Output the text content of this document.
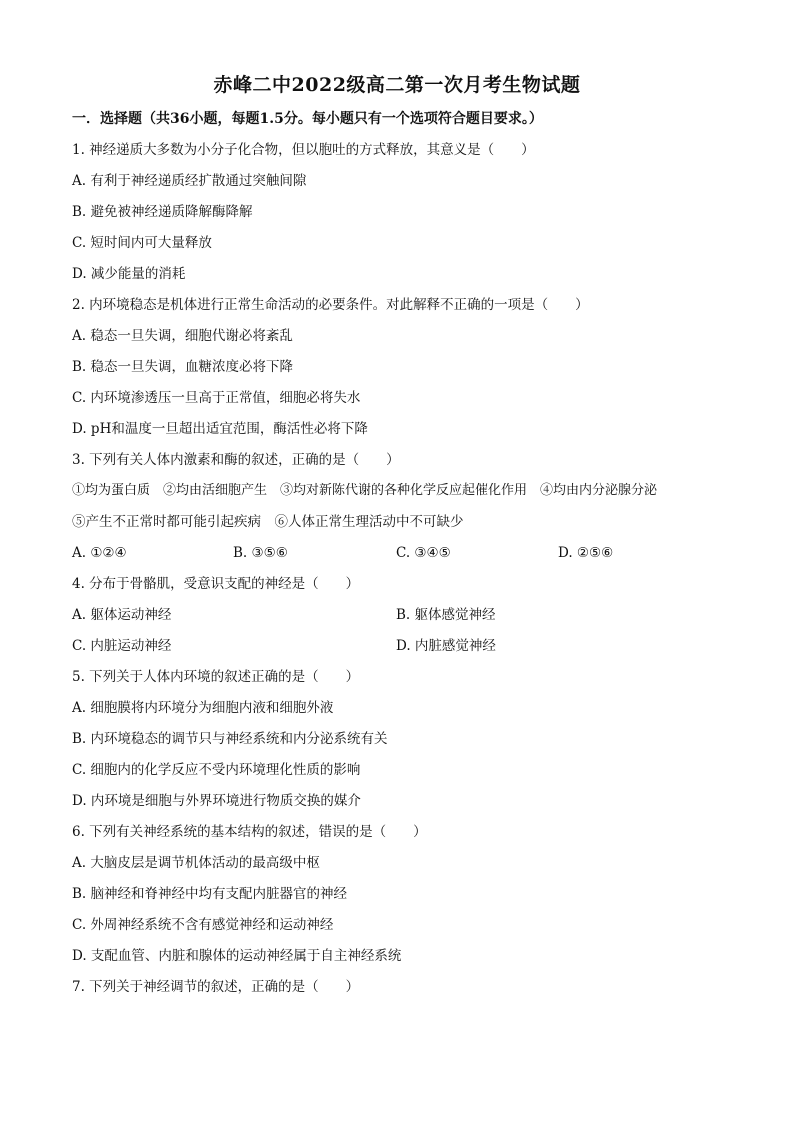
赤峰二中2022级高二第一次月考生物试题
一．选择题（共36小题，每题1.5分。每小题只有一个选项符合题目要求。）
1. 神经递质大多数为小分子化合物，但以胞吐的方式释放，其意义是（　　）
A. 有利于神经递质经扩散通过突触间隙
B. 避免被神经递质降解酶降解
C. 短时间内可大量释放
D. 减少能量的消耗
2. 内环境稳态是机体进行正常生命活动的必要条件。对此解释不正确的一项是（　　）
A. 稳态一旦失调，细胞代谢必将紊乱
B. 稳态一旦失调，血糖浓度必将下降
C. 内环境渗透压一旦高于正常值，细胞必将失水
D. pH和温度一旦超出适宜范围，酶活性必将下降
3. 下列有关人体内激素和酶的叙述，正确的是（　　）
①均为蛋白质　②均由活细胞产生　③均对新陈代谢的各种化学反应起催化作用　④均由内分泌腺分泌
⑤产生不正常时都可能引起疾病　⑥人体正常生理活动中不可缺少
A. ①②④	B. ③⑤⑥	C. ③④⑤	D. ②⑤⑥
4. 分布于骨骼肌，受意识支配的神经是（　　）
A. 躯体运动神经	B. 躯体感觉神经
C. 内脏运动神经	D. 内脏感觉神经
5. 下列关于人体内环境的叙述正确的是（　　）
A. 细胞膜将内环境分为细胞内液和细胞外液
B. 内环境稳态的调节只与神经系统和内分泌系统有关
C. 细胞内的化学反应不受内环境理化性质的影响
D. 内环境是细胞与外界环境进行物质交换的媒介
6. 下列有关神经系统的基本结构的叙述，错误的是（　　）
A. 大脑皮层是调节机体活动的最高级中枢
B. 脑神经和脊神经中均有支配内脏器官的神经
C. 外周神经系统不含有感觉神经和运动神经
D. 支配血管、内脏和腺体的运动神经属于自主神经系统
7. 下列关于神经调节的叙述，正确的是（　　）
